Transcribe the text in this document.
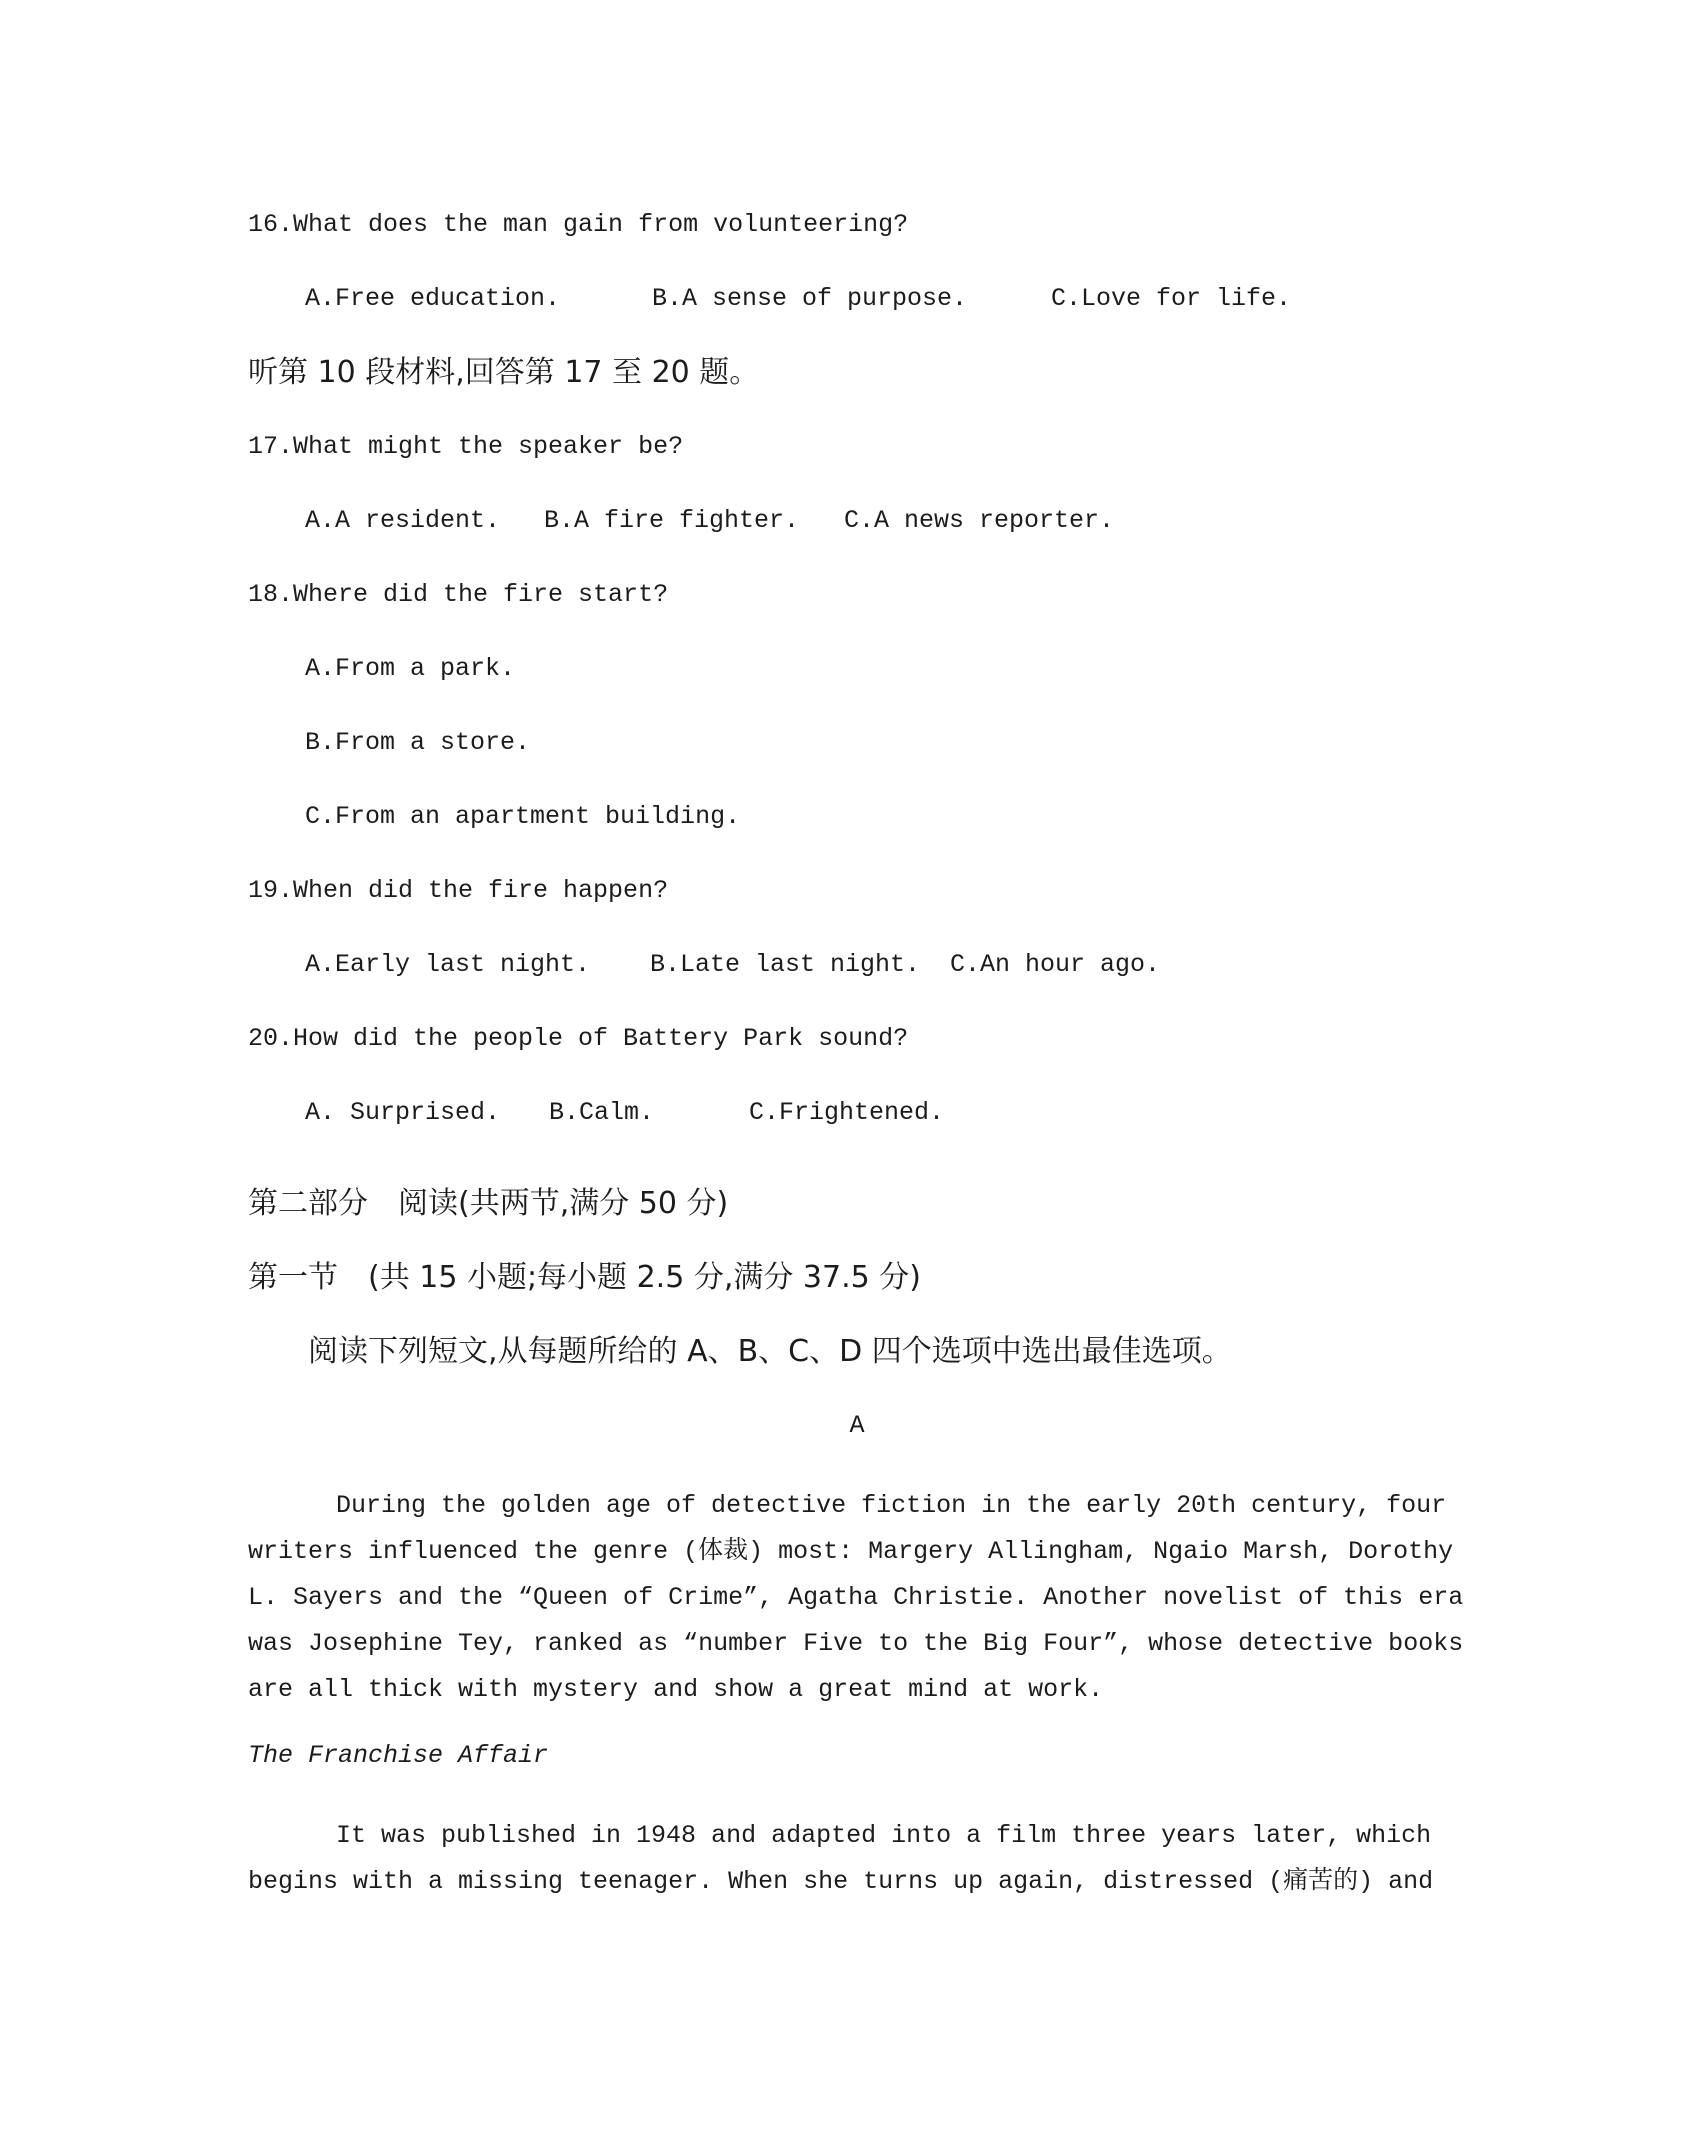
16.What does the man gain from volunteering?
A.Free education.	B.A sense of purpose.	C.Love for life.
听第 10 段材料,回答第 17 至 20 题。
17.What might the speaker be?
A.A resident. B.A fire fighter. C.A news reporter.
18.Where did the fire start?
A.From a park.
B.From a store.
C.From an apartment building.
19.When did the fire happen?
A.Early last night. B.Late last night. C.An hour ago.
20.How did the people of Battery Park sound?
A. Surprised. B.Calm.	C.Frightened.
第二部分　阅读(共两节,满分 50 分)
第一节　(共 15 小题;每小题 2.5 分,满分 37.5 分)
阅读下列短文,从每题所给的 A、B、C、D 四个选项中选出最佳选项。
A

During the golden age of detective fiction in the early 20th century, four writers influenced the genre (体裁) most: Margery Allingham, Ngaio Marsh, Dorothy L. Sayers and the “Queen of Crime”, Agatha Christie. Another novelist of this era was Josephine Tey, ranked as “number Five to the Big Four”, whose detective books are all thick with mystery and show a great mind at work.

The Franchise Affair

It was published in 1948 and adapted into a film three years later, which begins with a missing teenager. When she turns up again, distressed (痛苦的) and
